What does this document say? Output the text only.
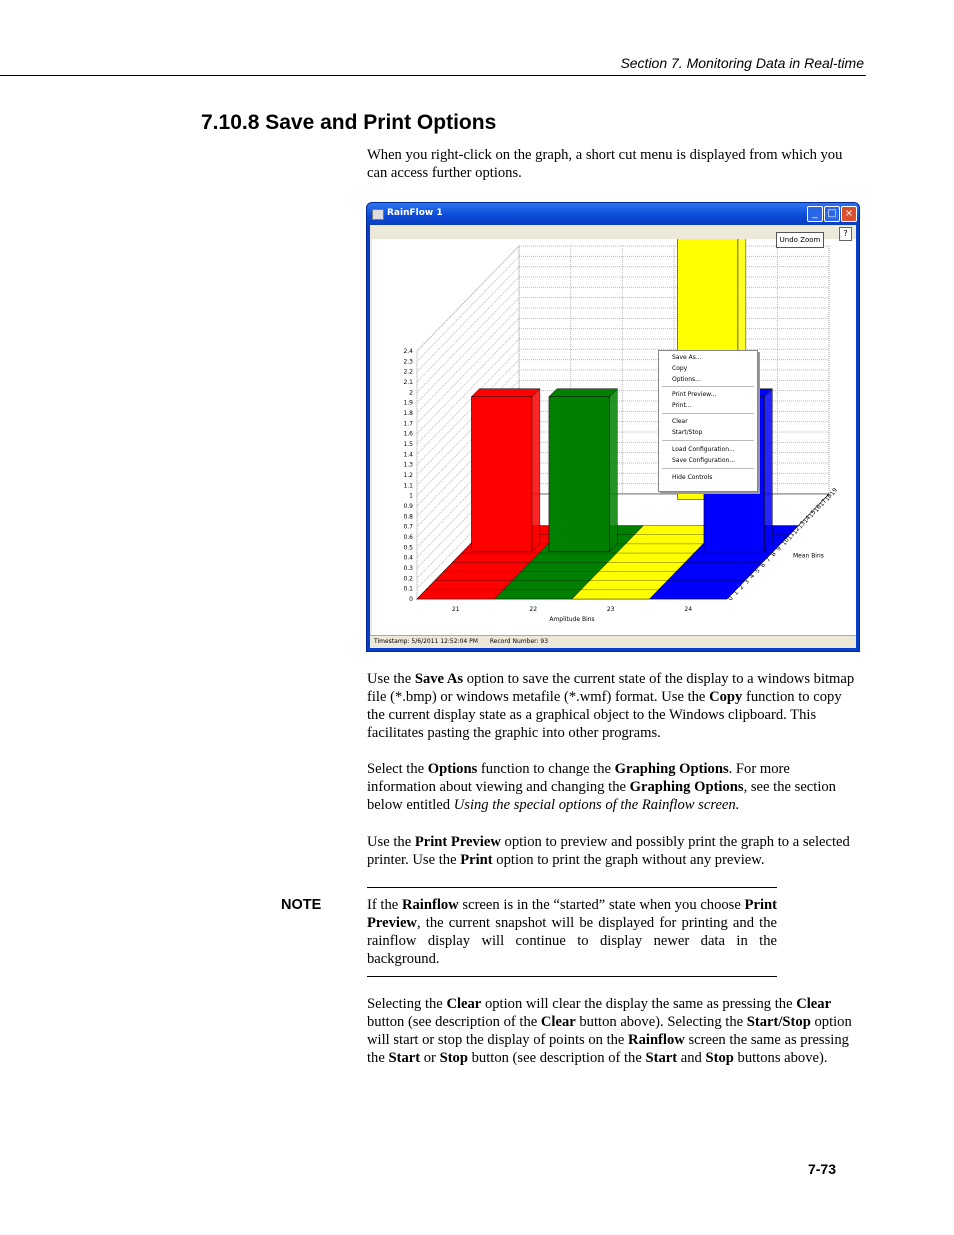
Section 7. Monitoring Data in Real-time
7.10.8 Save and Print Options

When you right-click on the graph, a short cut menu is displayed from which you can access further options.

RainFlow 1	_ □ ×
0
0.1
0.2
0.3
0.4
0.5
0.6
0.7
0.8
0.9
1
1.1
1.2
1.3
1.4
1.5
1.6
1.7
1.8
1.9
2
2.1
2.2
2.3
2.4
21	22	23	24
Amplitude Bins
0
1
2
3
4
5
6
7
8
9
10
11
12
13
14
15
16
17
18
19
Mean Bins
Save As...
Copy
Options...
Print Preview...
Print...
Clear
Start/Stop
Load Configuration...
Save Configuration...
Hide Controls
Undo Zoom
?
Timestamp: 5/6/2011 12:52:04 PM Record Number: 93

Use the Save As option to save the current state of the display to a windows bitmap file (*.bmp) or windows metafile (*.wmf) format. Use the Copy function to copy the current display state as a graphical object to the Windows clipboard. This facilitates pasting the graphic into other programs.

Select the Options function to change the Graphing Options. For more information about viewing and changing the Graphing Options, see the section below entitled Using the special options of the Rainflow screen.

Use the Print Preview option to preview and possibly print the graph to a selected printer. Use the Print option to print the graph without any preview.

NOTE	If the Rainflow screen is in the “started” state when you choose Print Preview, the current snapshot will be displayed for printing and the rainflow display will continue to display newer data in the background.

Selecting the Clear option will clear the display the same as pressing the Clear button (see description of the Clear button above). Selecting the Start/Stop option will start or stop the display of points on the Rainflow screen the same as pressing the Start or Stop button (see description of the Start and Stop buttons above).

7-73
